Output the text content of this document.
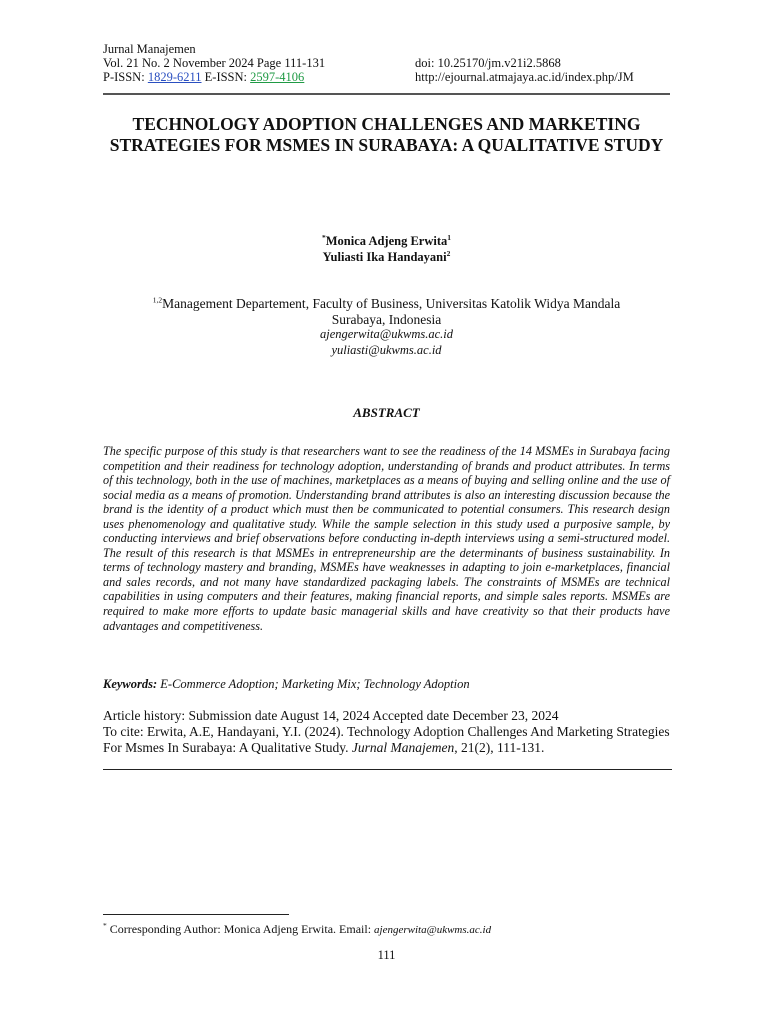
Jurnal Manajemen
Vol. 21 No. 2 November 2024 Page 111-131	doi: 10.25170/jm.v21i2.5868
P-ISSN: 1829-6211 E-ISSN: 2597-4106	http://ejournal.atmajaya.ac.id/index.php/JM
TECHNOLOGY ADOPTION CHALLENGES AND MARKETING STRATEGIES FOR MSMES IN SURABAYA: A QUALITATIVE STUDY
*Monica Adjeng Erwita$^1$
Yuliasti Ika Handayani$^2$
$^{1,2}$Management Departement, Faculty of Business, Universitas Katolik Widya Mandala
Surabaya, Indonesia
ajengerwita@ukwms.ac.id
yuliasti@ukwms.ac.id
ABSTRACT

The specific purpose of this study is that researchers want to see the readiness of the 14 MSMEs in Surabaya facing competition and their readiness for technology adoption, understanding of brands and product attributes. In terms of this technology, both in the use of machines, marketplaces as a means of buying and selling online and the use of social media as a means of promotion. Understanding brand attributes is also an interesting discussion because the brand is the identity of a product which must then be communicated to potential consumers. This research design uses phenomenology and qualitative study. While the sample selection in this study used a purposive sample, by conducting interviews and brief observations before conducting in-depth interviews using a semi-structured model. The result of this research is that MSMEs in entrepreneurship are the determinants of business sustainability. In terms of technology mastery and branding, MSMEs have weaknesses in adapting to join e-marketplaces, financial and sales records, and not many have standardized packaging labels. The constraints of MSMEs are technical capabilities in using computers and their features, making financial reports, and simple sales reports. MSMEs are required to make more efforts to update basic managerial skills and have creativity so that their products have advantages and competitiveness.

Keywords: E-Commerce Adoption; Marketing Mix; Technology Adoption

Article history: Submission date August 14, 2024 Accepted date December 23, 2024

To cite: Erwita, A.E, Handayani, Y.I. (2024). Technology Adoption Challenges And Marketing Strategies For Msmes In Surabaya: A Qualitative Study. Jurnal Manajemen, 21(2), 111-131.

* Corresponding Author: Monica Adjeng Erwita. Email: ajengerwita@ukwms.ac.id

111
